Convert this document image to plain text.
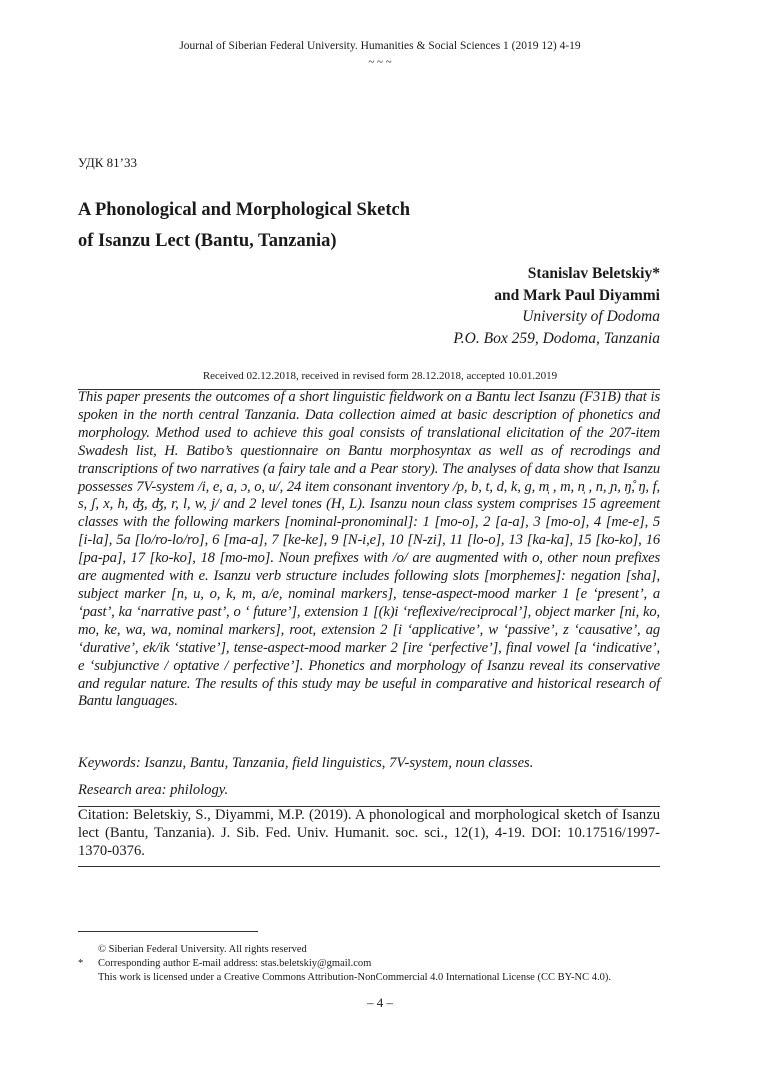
Journal of Siberian Federal University. Humanities & Social Sciences 1 (2019 12) 4-19
~ ~ ~
УДК 81’33
A Phonological and Morphological Sketch
of Isanzu Lect (Bantu, Tanzania)
Stanislav Beletskiy*
and Mark Paul Diyammi
University of Dodoma
P.O. Box 259, Dodoma, Tanzania
Received 02.12.2018, received in revised form 28.12.2018, accepted 10.01.2019

This paper presents the outcomes of a short linguistic fieldwork on a Bantu lect Isanzu (F31B) that is spoken in the north central Tanzania. Data collection aimed at basic description of phonetics and morphology. Method used to achieve this goal consists of translational elicitation of the 207-item Swadesh list, H. Batibo’s questionnaire on Bantu morphosyntax as well as of recrodings and transcriptions of two narratives (a fairy tale and a Pear story). The analyses of data show that Isanzu possesses 7V-system /i, e, a, ɔ, o, u/, 24 item consonant inventory /p, b, t, d, k, g, m̩ , m, n̩ , n, ɲ, ŋ̊, ŋ, f, s, ʃ, x, h, ʤ, ʤ, r, l, w, j/ and 2 level tones (H, L). Isanzu noun class system comprises 15 agreement classes with the following markers [nominal-pronominal]: 1 [mo-o], 2 [a-a], 3 [mo-o], 4 [me-e], 5 [i-la], 5a [lo/ro-lo/ro], 6 [ma-a], 7 [ke-ke], 9 [N-i,e], 10 [N-zi], 11 [lo-o], 13 [ka-ka], 15 [ko-ko], 16 [pa-pa], 17 [ko-ko], 18 [mo-mo]. Noun prefixes with /o/ are augmented with o, other noun prefixes are augmented with e. Isanzu verb structure includes following slots [morphemes]: negation [sha], subject marker [n, u, o, k, m, a/e, nominal markers], tense-aspect-mood marker 1 [e ‘present’, a ‘past’, ka ‘narrative past’, o ‘ future’], extension 1 [(k)i ‘reflexive/reciprocal’], object marker [ni, ko, mo, ke, wa, wa, nominal markers], root, extension 2 [i ‘applicative’, w ‘passive’, z ‘causative’, ag ‘durative’, ek/ik ‘stative’], tense-aspect-mood marker 2 [ire ‘perfective’], final vowel [a ‘indicative’, e ‘subjunctive / optative / perfective’]. Phonetics and morphology of Isanzu reveal its conservative and regular nature. The results of this study may be useful in comparative and historical research of Bantu languages.

Keywords: Isanzu, Bantu, Tanzania, field linguistics, 7V-system, noun classes.
Research area: philology.
Citation: Beletskiy, S., Diyammi, M.P. (2019). A phonological and morphological sketch of Isanzu lect (Bantu, Tanzania). J. Sib. Fed. Univ. Humanit. soc. sci., 12(1), 4-19. DOI: 10.17516/1997-1370-0376.
© Siberian Federal University. All rights reserved
* Corresponding author E-mail address: stas.beletskiy@gmail.com
This work is licensed under a Creative Commons Attribution-NonCommercial 4.0 International License (CC BY-NC 4.0).
– 4 –
